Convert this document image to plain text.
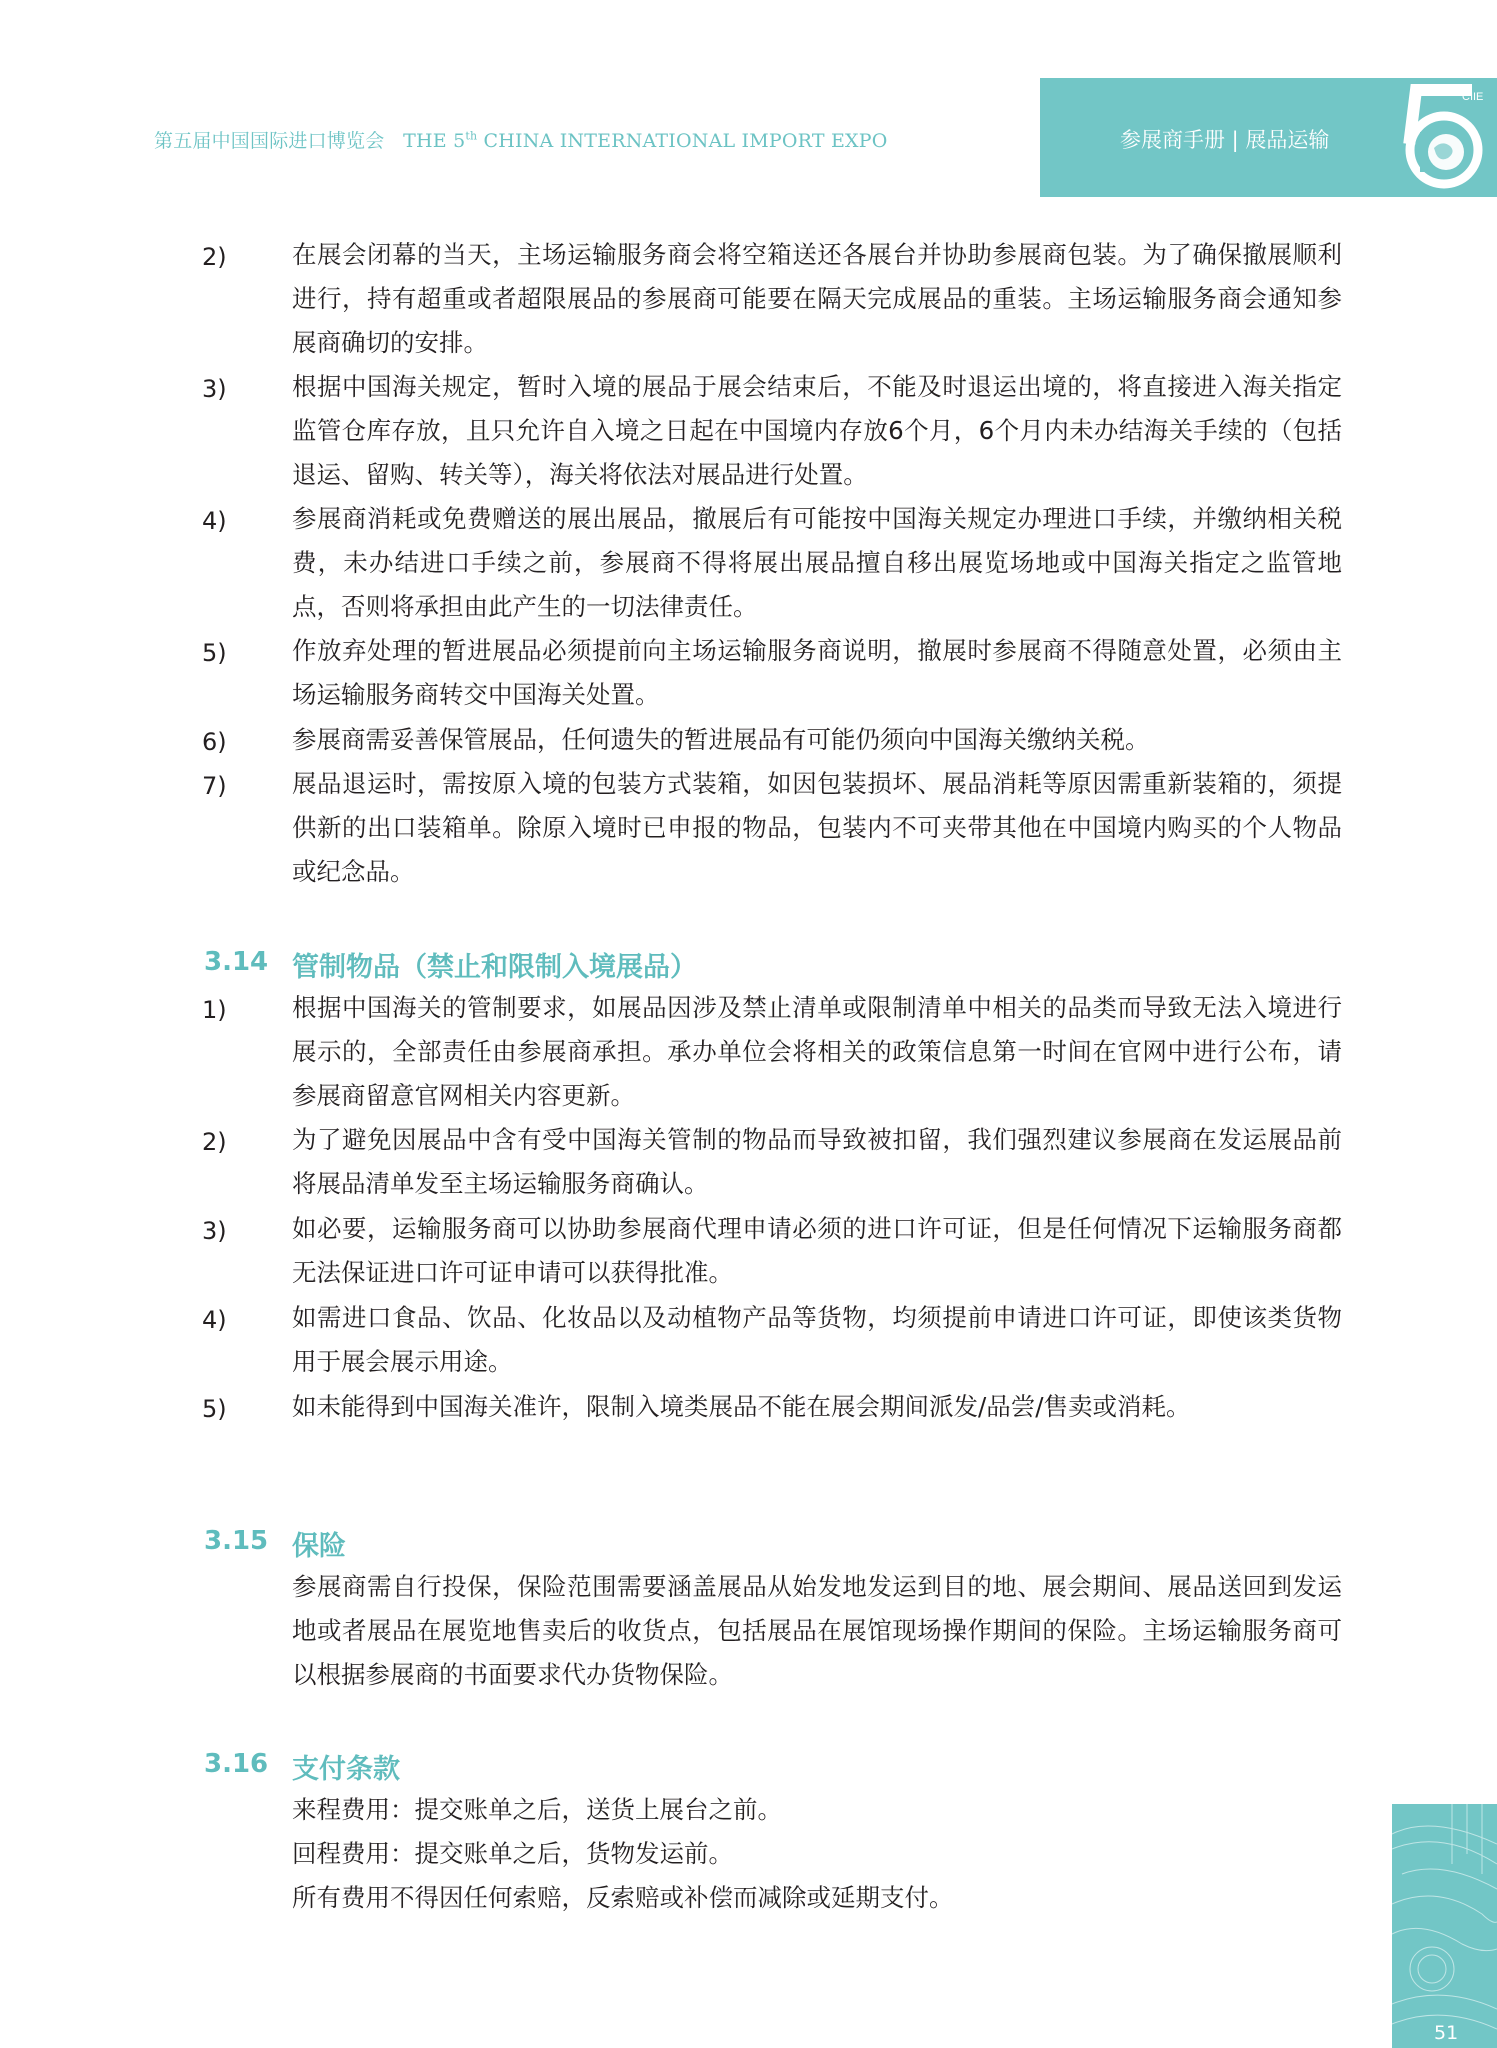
第五届中国国际进口博览会 THE 5th CHINA INTERNATIONAL IMPORT EXPO	参展商手册 | 展品运输
CIIE
2)	在展会闭幕的当天，主场运输服务商会将空箱送还各展台并协助参展商包装。为了确保撤展顺利进行，持有超重或者超限展品的参展商可能要在隔天完成展品的重装。主场运输服务商会通知参展商确切的安排。
3)	根据中国海关规定，暂时入境的展品于展会结束后，不能及时退运出境的，将直接进入海关指定监管仓库存放，且只允许自入境之日起在中国境内存放6个月，6个月内未办结海关手续的（包括退运、留购、转关等），海关将依法对展品进行处置。
4)	参展商消耗或免费赠送的展出展品，撤展后有可能按中国海关规定办理进口手续，并缴纳相关税费，未办结进口手续之前，参展商不得将展出展品擅自移出展览场地或中国海关指定之监管地点，否则将承担由此产生的一切法律责任。
5)	作放弃处理的暂进展品必须提前向主场运输服务商说明，撤展时参展商不得随意处置，必须由主场运输服务商转交中国海关处置。
6)	参展商需妥善保管展品，任何遗失的暂进展品有可能仍须向中国海关缴纳关税。
7)	展品退运时，需按原入境的包装方式装箱，如因包装损坏、展品消耗等原因需重新装箱的，须提供新的出口装箱单。除原入境时已申报的物品，包装内不可夹带其他在中国境内购买的个人物品或纪念品。
3.14 管制物品（禁止和限制入境展品）
1)	根据中国海关的管制要求，如展品因涉及禁止清单或限制清单中相关的品类而导致无法入境进行展示的，全部责任由参展商承担。承办单位会将相关的政策信息第一时间在官网中进行公布，请参展商留意官网相关内容更新。
2)	为了避免因展品中含有受中国海关管制的物品而导致被扣留，我们强烈建议参展商在发运展品前将展品清单发至主场运输服务商确认。
3)	如必要，运输服务商可以协助参展商代理申请必须的进口许可证，但是任何情况下运输服务商都无法保证进口许可证申请可以获得批准。
4)	如需进口食品、饮品、化妆品以及动植物产品等货物，均须提前申请进口许可证，即使该类货物用于展会展示用途。
5)	如未能得到中国海关准许，限制入境类展品不能在展会期间派发/品尝/售卖或消耗。
3.15 保险
参展商需自行投保，保险范围需要涵盖展品从始发地发运到目的地、展会期间、展品送回到发运地或者展品在展览地售卖后的收货点，包括展品在展馆现场操作期间的保险。主场运输服务商可以根据参展商的书面要求代办货物保险。
3.16 支付条款
来程费用：提交账单之后，送货上展台之前。
回程费用：提交账单之后，货物发运前。
所有费用不得因任何索赔，反索赔或补偿而减除或延期支付。
51
